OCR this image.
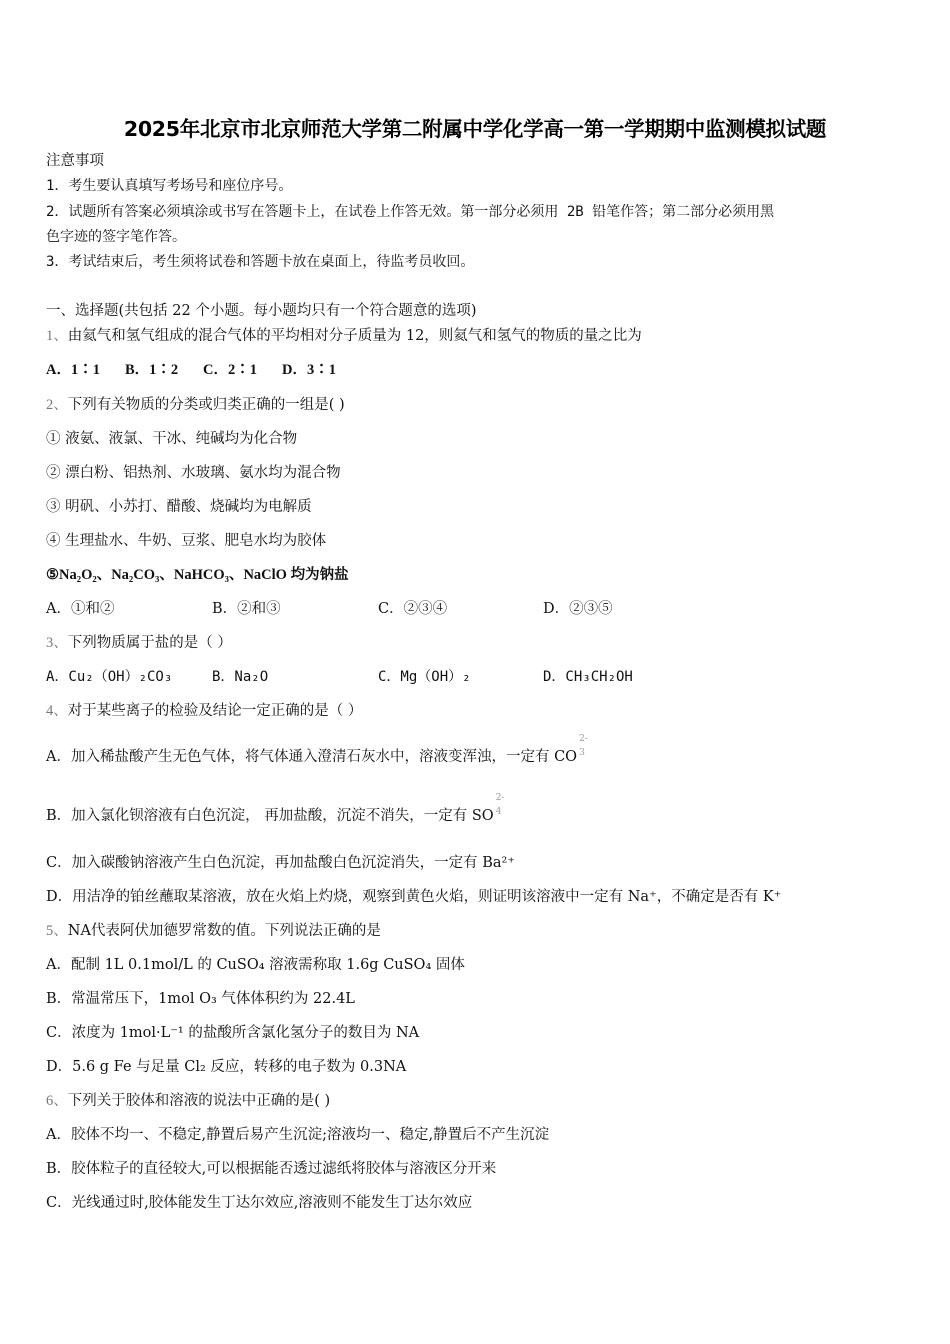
2025年北京市北京师范大学第二附属中学化学高一第一学期期中监测模拟试题
注意事项
1．考生要认真填写考场号和座位序号。
2．试题所有答案必须填涂或书写在答题卡上，在试卷上作答无效。第一部分必须用 2B 铅笔作答；第二部分必须用黑
色字迹的签字笔作答。
3．考试结束后，考生须将试卷和答题卡放在桌面上，待监考员收回。
一、选择题(共包括 22 个小题。每小题均只有一个符合题意的选项)
1、由氦气和氢气组成的混合气体的平均相对分子质量为 12，则氦气和氢气的物质的量之比为
A．1∶1 B．1∶2 C．2∶1 D．3∶1
2、下列有关物质的分类或归类正确的一组是( )
① 液氨、液氯、干冰、纯碱均为化合物
② 漂白粉、铝热剂、水玻璃、氨水均为混合物
③ 明矾、小苏打、醋酸、烧碱均为电解质
④ 生理盐水、牛奶、豆浆、肥皂水均为胶体
⑤Na₂O₂、Na₂CO₃、NaHCO₃、NaClO 均为钠盐
A．①和②	B．②和③	C．②③④	D．②③⑤
3、下列物质属于盐的是（ ）
A．Cu₂（OH）₂CO₃	B．Na₂O	C．Mg（OH）₂	D．CH₃CH₂OH
4、对于某些离子的检验及结论一定正确的是（ ）
A．加入稀盐酸产生无色气体，将气体通入澄清石灰水中，溶液变浑浊，一定有 CO
2-
3
B．加入氯化钡溶液有白色沉淀， 再加盐酸，沉淀不消失，一定有 SO
2-
4
C．加入碳酸钠溶液产生白色沉淀，再加盐酸白色沉淀消失，一定有 Ba²⁺
D．用洁净的铂丝蘸取某溶液，放在火焰上灼烧，观察到黄色火焰，则证明该溶液中一定有 Na⁺，不确定是否有 K⁺
5、NA代表阿伏加德罗常数的值。下列说法正确的是
A．配制 1L 0.1mol/L 的 CuSO₄ 溶液需称取 1.6g CuSO₄ 固体
B．常温常压下，1mol O₃ 气体体积约为 22.4L
C．浓度为 1mol·L⁻¹ 的盐酸所含氯化氢分子的数目为 NA
D．5.6 g Fe 与足量 Cl₂ 反应，转移的电子数为 0.3NA
6、下列关于胶体和溶液的说法中正确的是( )
A．胶体不均一、不稳定,静置后易产生沉淀;溶液均一、稳定,静置后不产生沉淀
B．胶体粒子的直径较大,可以根据能否透过滤纸将胶体与溶液区分开来
C．光线通过时,胶体能发生丁达尔效应,溶液则不能发生丁达尔效应
